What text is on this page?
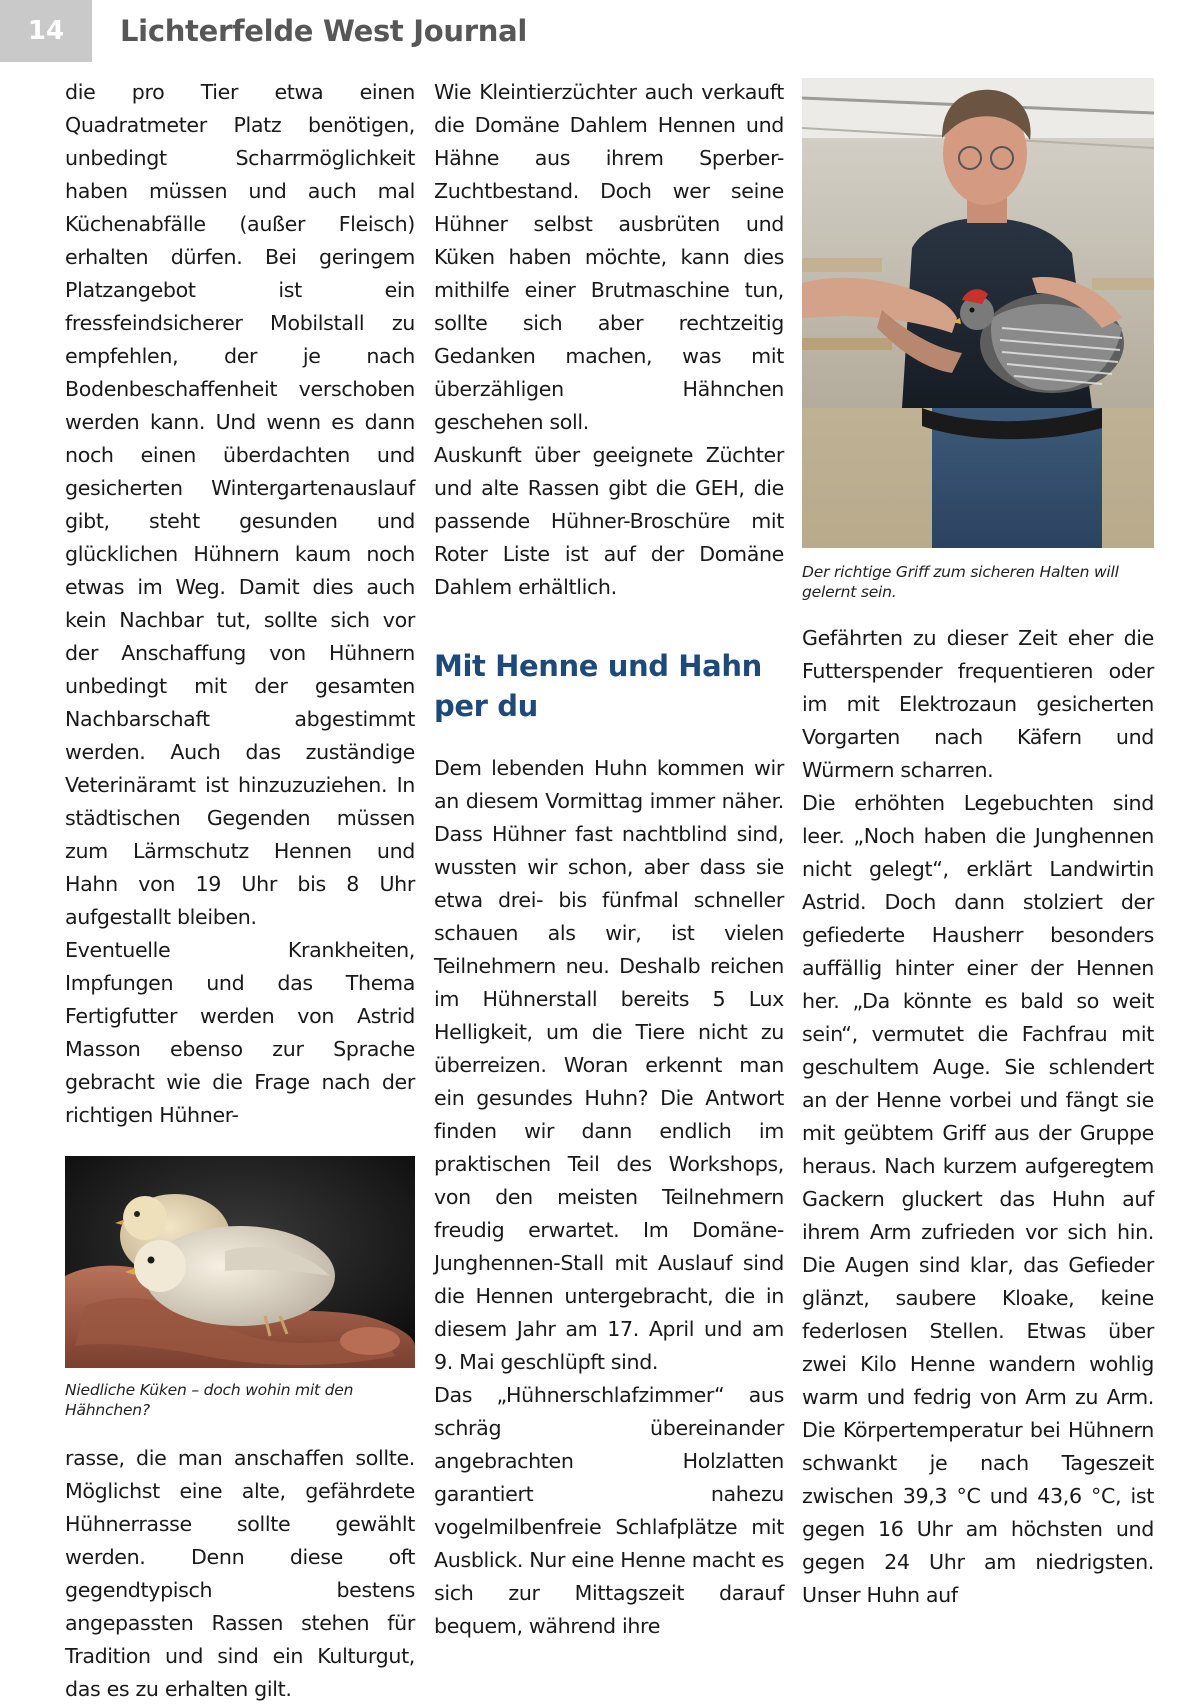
14	Lichterfelde West Journal

die pro Tier etwa einen Quadratmeter Platz benötigen, unbedingt Scharrmöglichkeit haben müssen und auch mal Küchenabfälle (außer Fleisch) erhalten dürfen. Bei geringem Platzangebot ist ein fressfeindsicherer Mobilstall zu empfehlen, der je nach Bodenbeschaffenheit verschoben werden kann. Und wenn es dann noch einen überdachten und gesicherten Wintergartenauslauf gibt, steht gesunden und glücklichen Hühnern kaum noch etwas im Weg. Damit dies auch kein Nachbar tut, sollte sich vor der Anschaffung von Hühnern unbedingt mit der gesamten Nachbarschaft abgestimmt werden. Auch das zuständige Veterinäramt ist hinzuzuziehen. In städtischen Gegenden müssen zum Lärmschutz Hennen und Hahn von 19 Uhr bis 8 Uhr aufgestallt bleiben.

Eventuelle Krankheiten, Impfungen und das Thema Fertigfutter werden von Astrid Masson ebenso zur Sprache gebracht wie die Frage nach der richtigen Hühner-

Niedliche Küken – doch wohin mit den Hähnchen?

rasse, die man anschaffen sollte. Möglichst eine alte, gefährdete Hühnerrasse sollte gewählt werden. Denn diese oft gegendtypisch bestens angepassten Rassen stehen für Tradition und sind ein Kulturgut, das es zu erhalten gilt.

Wie Kleintierzüchter auch verkauft die Domäne Dahlem Hennen und Hähne aus ihrem Sperber-Zuchtbestand. Doch wer seine Hühner selbst ausbrüten und Küken haben möchte, kann dies mithilfe einer Brutmaschine tun, sollte sich aber rechtzeitig Gedanken machen, was mit überzähligen Hähnchen geschehen soll.

Auskunft über geeignete Züchter und alte Rassen gibt die GEH, die passende Hühner-Broschüre mit Roter Liste ist auf der Domäne Dahlem erhältlich.

Mit Henne und Hahn per du

Dem lebenden Huhn kommen wir an diesem Vormittag immer näher. Dass Hühner fast nachtblind sind, wussten wir schon, aber dass sie etwa drei- bis fünfmal schneller schauen als wir, ist vielen Teilnehmern neu. Deshalb reichen im Hühnerstall bereits 5 Lux Helligkeit, um die Tiere nicht zu überreizen. Woran erkennt man ein gesundes Huhn? Die Antwort finden wir dann endlich im praktischen Teil des Workshops, von den meisten Teilnehmern freudig erwartet. Im Domäne-Junghennen-Stall mit Auslauf sind die Hennen untergebracht, die in diesem Jahr am 17. April und am 9. Mai geschlüpft sind.

Das „Hühnerschlafzimmer“ aus schräg übereinander angebrachten Holzlatten garantiert nahezu vogelmilbenfreie Schlafplätze mit Ausblick. Nur eine Henne macht es sich zur Mittagszeit darauf bequem, während ihre

Der richtige Griff zum sicheren Halten will gelernt sein.

Gefährten zu dieser Zeit eher die Futterspender frequentieren oder im mit Elektrozaun gesicherten Vorgarten nach Käfern und Würmern scharren.

Die erhöhten Legebuchten sind leer. „Noch haben die Junghennen nicht gelegt“, erklärt Landwirtin Astrid. Doch dann stolziert der gefiederte Hausherr besonders auffällig hinter einer der Hennen her. „Da könnte es bald so weit sein“, vermutet die Fachfrau mit geschultem Auge. Sie schlendert an der Henne vorbei und fängt sie mit geübtem Griff aus der Gruppe heraus. Nach kurzem aufgeregtem Gackern gluckert das Huhn auf ihrem Arm zufrieden vor sich hin. Die Augen sind klar, das Gefieder glänzt, saubere Kloake, keine federlosen Stellen. Etwas über zwei Kilo Henne wandern wohlig warm und fedrig von Arm zu Arm. Die Körpertemperatur bei Hühnern schwankt je nach Tageszeit zwischen 39,3 °C und 43,6 °C, ist gegen 16 Uhr am höchsten und gegen 24 Uhr am niedrigsten. Unser Huhn auf
